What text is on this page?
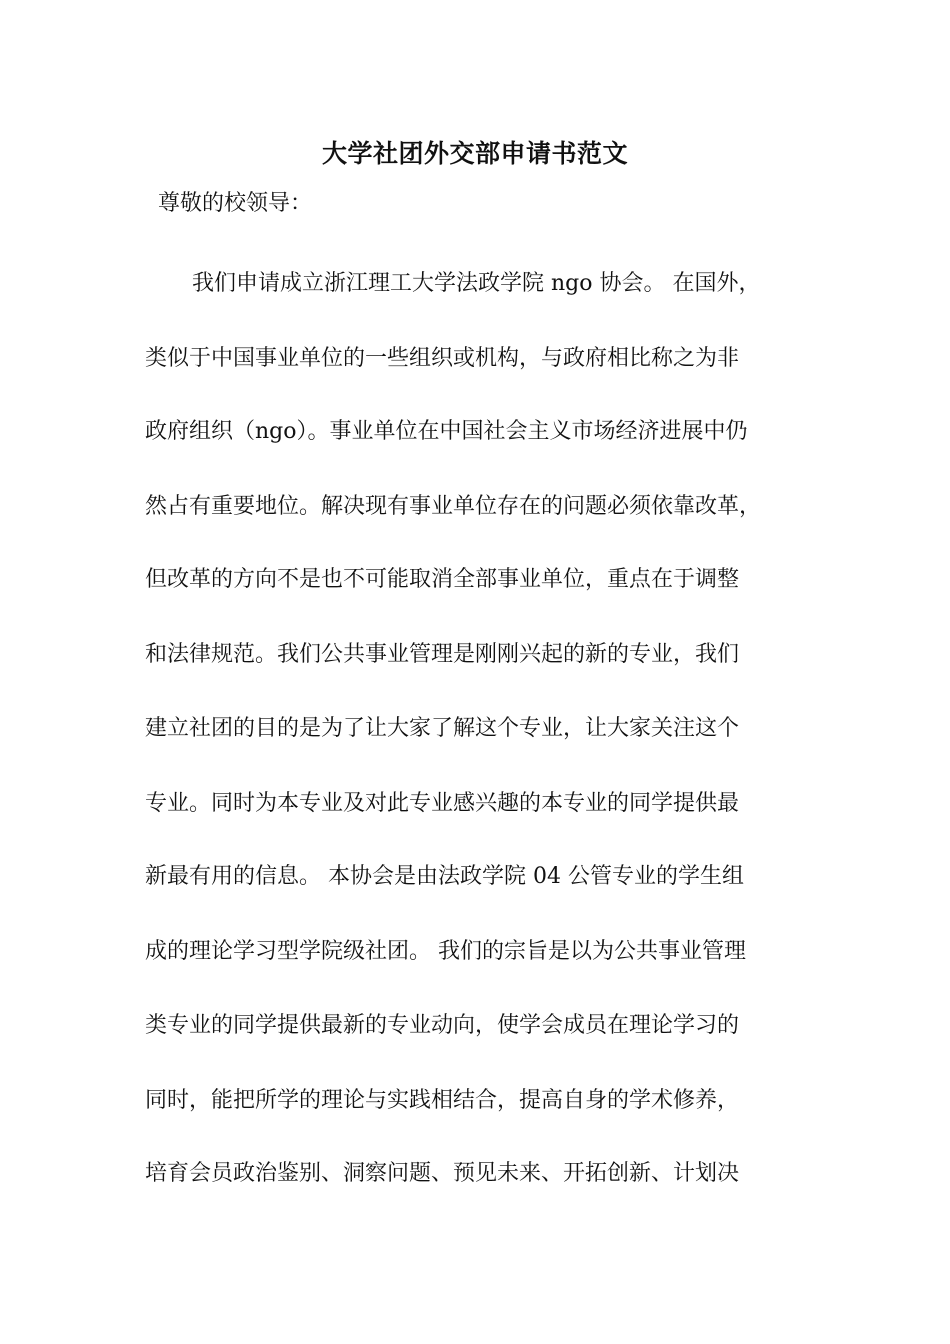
大学社团外交部申请书范文
尊敬的校领导：
我们申请成立浙江理工大学法政学院 ngo 协会。 在国外，
类似于中国事业单位的一些组织或机构，与政府相比称之为非
政府组织（ngo）。事业单位在中国社会主义市场经济进展中仍
然占有重要地位。解决现有事业单位存在的问题必须依靠改革，
但改革的方向不是也不可能取消全部事业单位，重点在于调整
和法律规范。我们公共事业管理是刚刚兴起的新的专业，我们
建立社团的目的是为了让大家了解这个专业，让大家关注这个
专业。同时为本专业及对此专业感兴趣的本专业的同学提供最
新最有用的信息。 本协会是由法政学院 04 公管专业的学生组
成的理论学习型学院级社团。 我们的宗旨是以为公共事业管理
类专业的同学提供最新的专业动向，使学会成员在理论学习的
同时，能把所学的理论与实践相结合，提高自身的学术修养，
培育会员政治鉴别、洞察问题、预见未来、开拓创新、计划决
